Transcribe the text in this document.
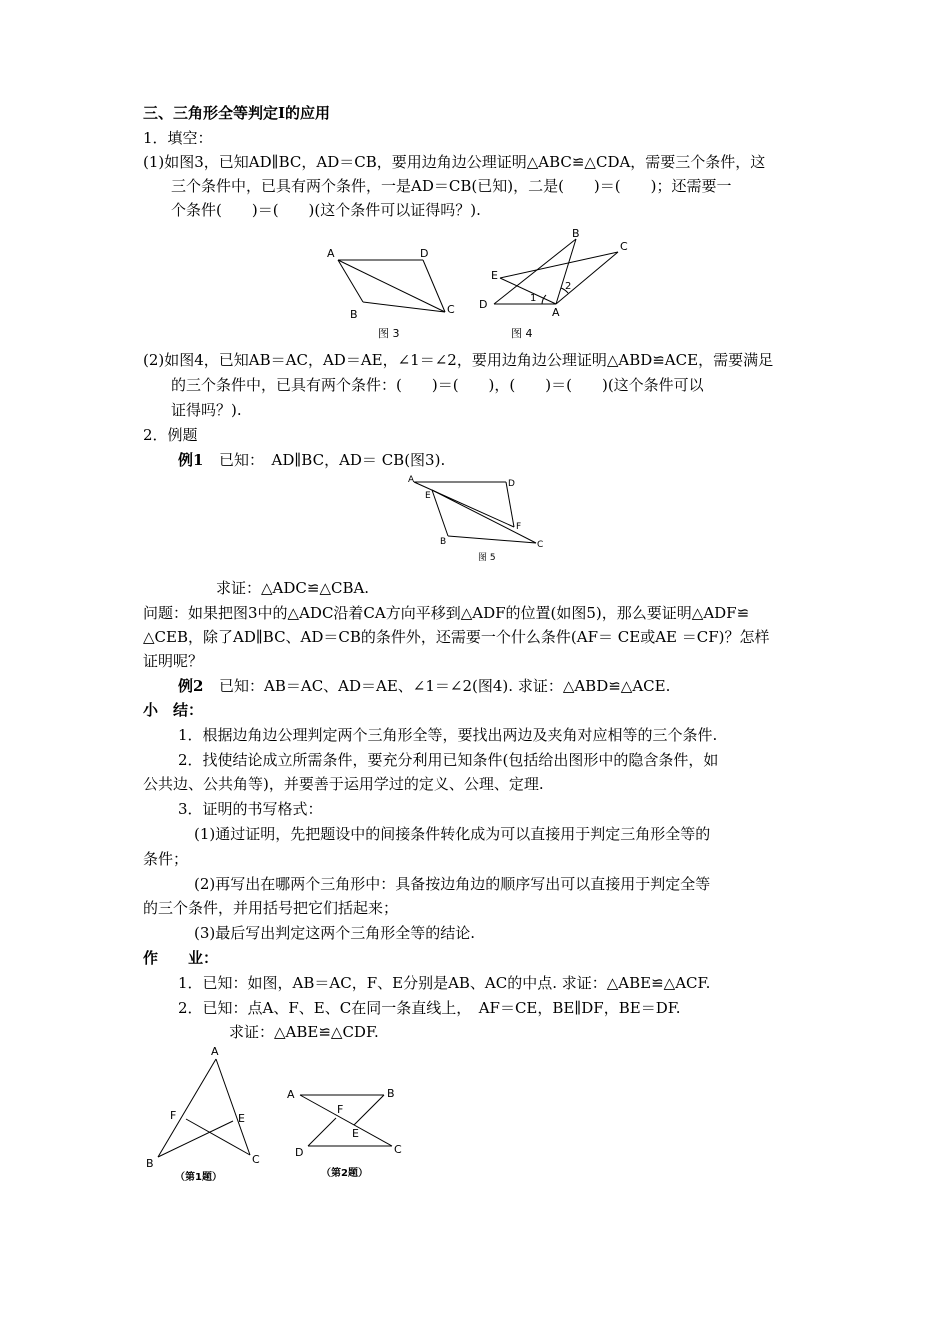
三、三角形全等判定Ⅰ的应用
1．填空：
(1)如图3，已知AD∥BC，AD＝CB，要用边角边公理证明△ABC≌△CDA，需要三个条件，这
三个条件中，已具有两个条件，一是AD＝CB(已知)，二是(　　)＝(　　)；还需要一
个条件(　　)＝(　　)(这个条件可以证得吗？).
A	D
C
B
图 3
B
C
E
D
A
1
2
图 4
(2)如图4，已知AB＝AC，AD＝AE，∠1＝∠2，要用边角边公理证明△ABD≌ACE，需要满足
的三个条件中，已具有两个条件：(　　)＝(　　)，(　　)＝(　　)(这个条件可以
证得吗？).
2．例题
例1 已知：　AD∥BC，AD＝ CB(图3).
A	D
E
F
B	C
图 5
求证：△ADC≌△CBA.
问题：如果把图3中的△ADC沿着CA方向平移到△ADF的位置(如图5)，那么要证明△ADF≌
△CEB，除了AD∥BC、AD＝CB的条件外，还需要一个什么条件(AF＝ CE或AE ＝CF)？怎样
证明呢？
例2 已知：AB＝AC、AD＝AE、∠1＝∠2(图4). 求证：△ABD≌△ACE.
小　结：
1．根据边角边公理判定两个三角形全等，要找出两边及夹角对应相等的三个条件.
2．找使结论成立所需条件，要充分利用已知条件(包括给出图形中的隐含条件，如
公共边、公共角等)，并要善于运用学过的定义、公理、定理.
3．证明的书写格式：
(1)通过证明，先把题设中的间接条件转化成为可以直接用于判定三角形全等的
条件；
(2)再写出在哪两个三角形中：具备按边角边的顺序写出可以直接用于判定全等
的三个条件，并用括号把它们括起来；
(3)最后写出判定这两个三角形全等的结论.
作　　业：
1．已知：如图，AB＝AC，F、E分别是AB、AC的中点. 求证：△ABE≌△ACF.
2．已知：点A、F、E、C在同一条直线上，　AF＝CE，BE∥DF，BE＝DF.
求证：△ABE≌△CDF.
A
F	E
B	C
（第1题）
A	B
F
E
D	C
（第2题）
